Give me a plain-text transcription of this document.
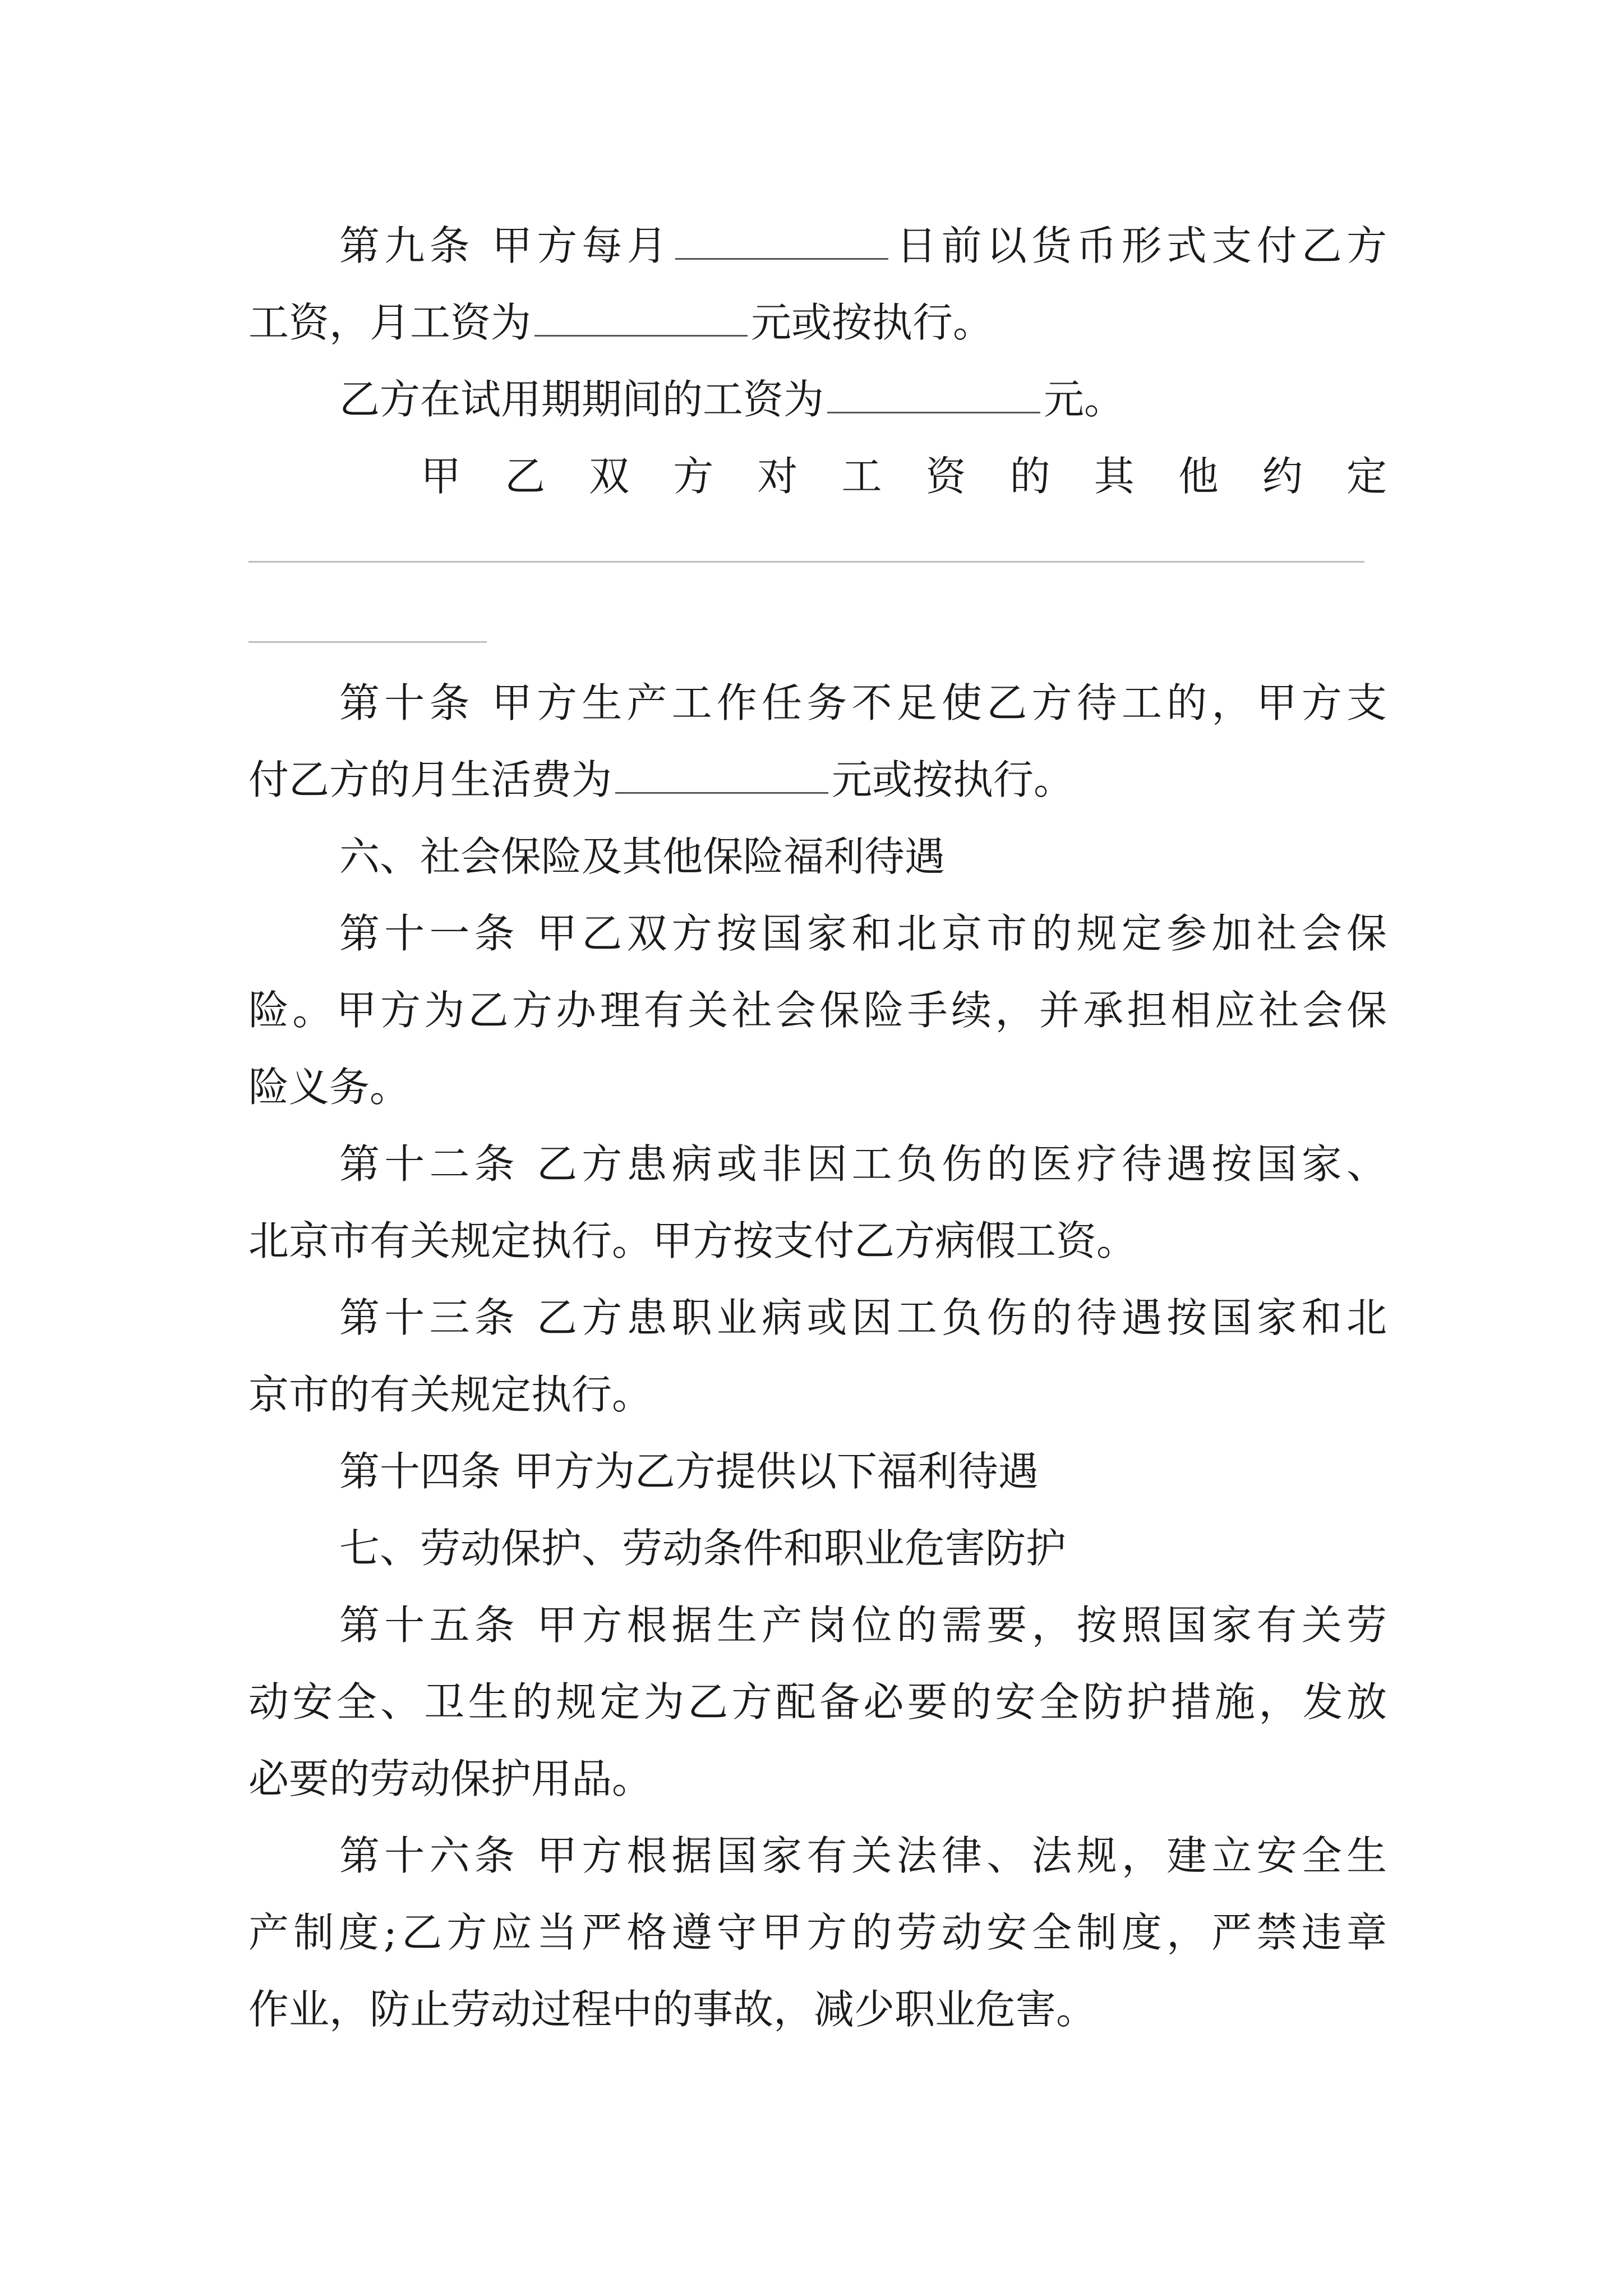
第九条 甲方每月	日前以货币形式支付乙方
工资，月工资为	元或按执行。
乙方在试用期期间的工资为	元。
甲 乙 双 方 对 工 资 的 其 他 约 定
第十条 甲方生产工作任务不足使乙方待工的，甲方支
付乙方的月生活费为	元或按执行。
六、社会保险及其他保险福利待遇
第十一条 甲乙双方按国家和北京市的规定参加社会保
险。甲方为乙方办理有关社会保险手续，并承担相应社会保
险义务。
第十二条 乙方患病或非因工负伤的医疗待遇按国家、
北京市有关规定执行。甲方按支付乙方病假工资。
第十三条 乙方患职业病或因工负伤的待遇按国家和北
京市的有关规定执行。
第十四条 甲方为乙方提供以下福利待遇
七、劳动保护、劳动条件和职业危害防护
第十五条 甲方根据生产岗位的需要，按照国家有关劳
动安全、卫生的规定为乙方配备必要的安全防护措施，发放
必要的劳动保护用品。
第十六条 甲方根据国家有关法律、法规，建立安全生
产制度;乙方应当严格遵守甲方的劳动安全制度，严禁违章
作业，防止劳动过程中的事故，减少职业危害。
